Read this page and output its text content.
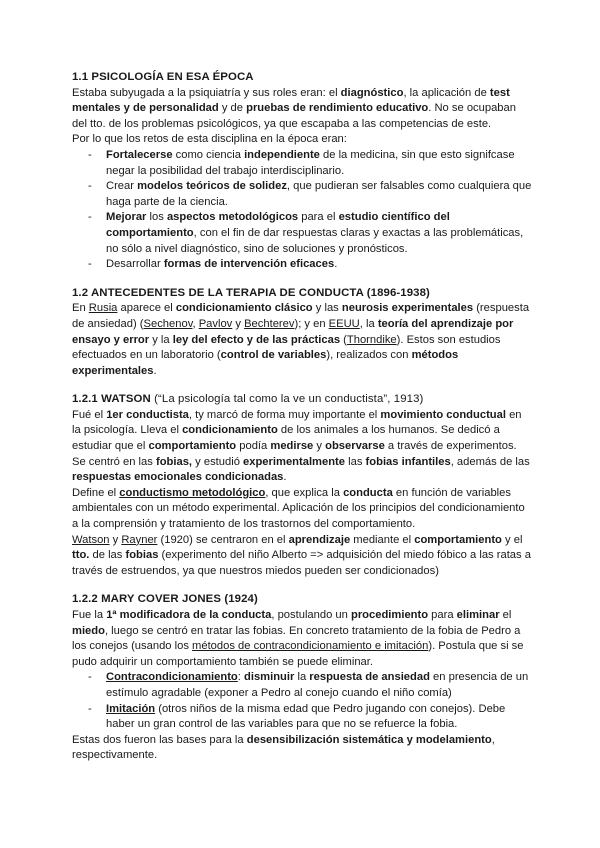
1.1 PSICOLOGÍA EN ESA ÉPOCA

Estaba subyugada a la psiquiatría y sus roles eran: el diagnóstico, la aplicación de test mentales y de personalidad y de pruebas de rendimiento educativo. No se ocupaban del tto. de los problemas psicológicos, ya que escapaba a las competencias de este.

Por lo que los retos de esta disciplina en la época eran:

- Fortalecerse como ciencia independiente de la medicina, sin que esto signifcase negar la posibilidad del trabajo interdisciplinario.
- Crear modelos teóricos de solidez, que pudieran ser falsables como cualquiera que haga parte de la ciencia.
- Mejorar los aspectos metodológicos para el estudio científico del comportamiento, con el fin de dar respuestas claras y exactas a las problemáticas, no sólo a nivel diagnóstico, sino de soluciones y pronósticos.
- Desarrollar formas de intervención eficaces.
1.2 ANTECEDENTES DE LA TERAPIA DE CONDUCTA (1896-1938)

En Rusia aparece el condicionamiento clásico y las neurosis experimentales (respuesta de ansiedad) (Sechenov, Pavlov y Bechterev); y en EEUU, la teoría del aprendizaje por ensayo y error y la ley del efecto y de las prácticas (Thorndike). Estos son estudios efectuados en un laboratorio (control de variables), realizados con métodos experimentales.

1.2.1 WATSON (“La psicología tal como la ve un conductista”, 1913)

Fué el 1er conductista, ty marcó de forma muy importante el movimiento conductual en la psicología. Lleva el condicionamiento de los animales a los humanos. Se dedicó a estudiar que el comportamiento podía medirse y observarse a través de experimentos. Se centró en las fobias, y estudió experimentalmente las fobias infantiles, además de las respuestas emocionales condicionadas.

Define el conductismo metodológico, que explica la conducta en función de variables ambientales con un método experimental. Aplicación de los principios del condicionamiento a la comprensión y tratamiento de los trastornos del comportamiento.

Watson y Rayner (1920) se centraron en el aprendizaje mediante el comportamiento y el tto. de las fobias (experimento del niño Alberto => adquisición del miedo fóbico a las ratas a través de estruendos, ya que nuestros miedos pueden ser condicionados)

1.2.2 MARY COVER JONES (1924)

Fue la 1ª modificadora de la conducta, postulando un procedimiento para eliminar el miedo, luego se centró en tratar las fobias. En concreto tratamiento de la fobia de Pedro a los conejos (usando los métodos de contracondicionamiento e imitación). Postula que si se pudo adquirir un comportamiento también se puede eliminar.

- Contracondicionamiento: disminuir la respuesta de ansiedad en presencia de un estímulo agradable (exponer a Pedro al conejo cuando el niño comía)
- Imitación (otros niños de la misma edad que Pedro jugando con conejos). Debe haber un gran control de las variables para que no se refuerce la fobia.

Estas dos fueron las bases para la desensibilización sistemática y modelamiento, respectivamente.
